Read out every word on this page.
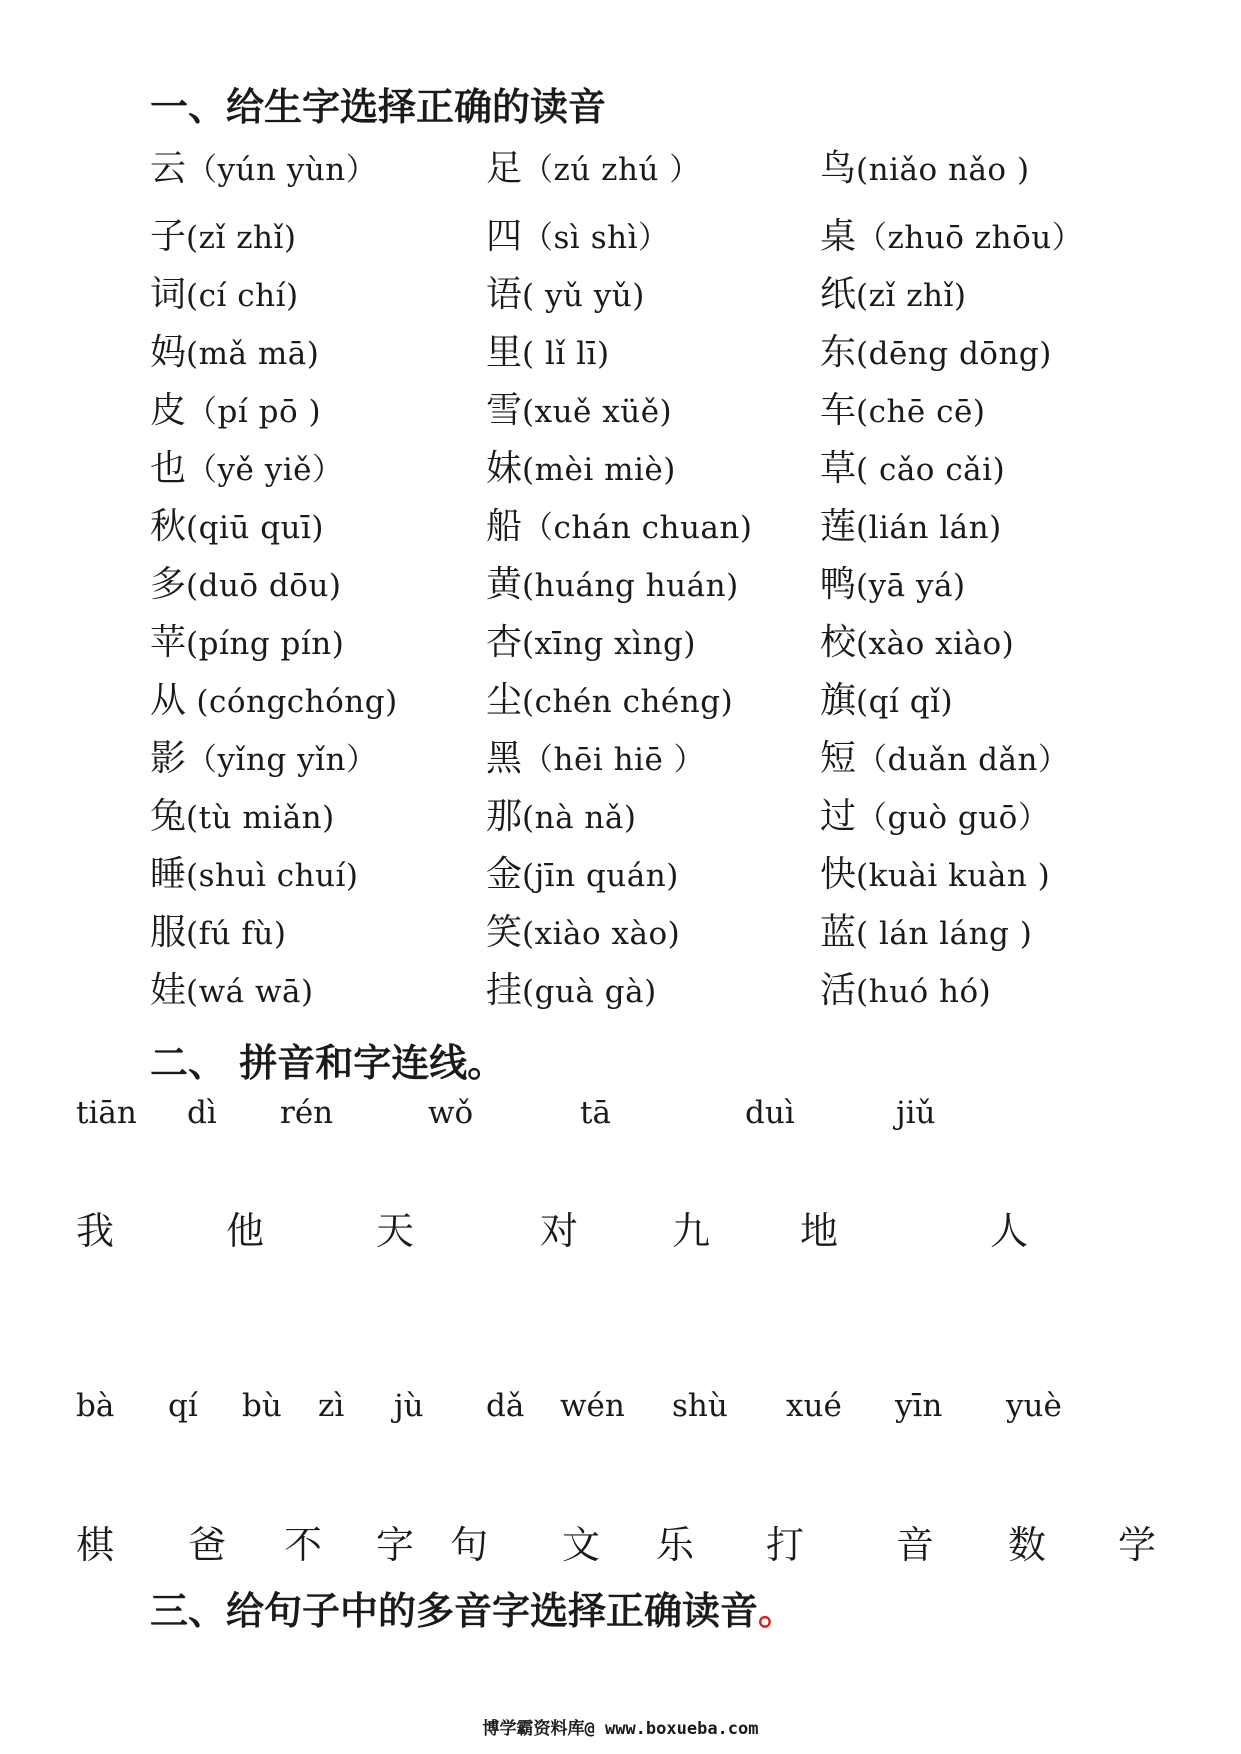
一、给生字选择正确的读音
云（yún yùn）	足（zú zhú ）	鸟(niǎo nǎo )
子(zǐ zhǐ)	四（sì shì）	桌（zhuō zhōu）
词(cí chí)	语( yǔ yǔ)	纸(zǐ zhǐ)
妈(mǎ mā)	里( lǐ lī)	东(dēng dōng)
皮（pí pō )	雪(xuě xüě)	车(chē cē)
也（yě yiě）	妹(mèi miè)	草( cǎo cǎi)
秋(qiū quī)	船（chán chuan) 莲(lián lán)
多(duō dōu)	黄(huáng huán) 鸭(yā yá)
苹(píng pín)	杏(xīng xìng)	校(xào xiào)
从 (cóngchóng) 尘(chén chéng) 旗(qí qǐ)
影（yǐng yǐn）	黑（hēi hiē ）	短（duǎn dǎn）
兔(tù miǎn)	那(nà nǎ)	过（guò guō）
睡(shuì chuí)	金(jīn quán)	快(kuài kuàn )
服(fú fù)	笑(xiào xào)	蓝( lán láng )
娃(wá wā)	挂(guà gà)	活(huó hó)
二、 拼音和字连线。
tiān dì rén	wǒ	tā	duì	jiǔ
我	他	天	对 九 地	人
bà qí bù zì jù dǎ wén shù xué yīn yuè
棋 爸 不 字 句 文 乐 打 音 数 学
三、给句子中的多音字选择正确读音。
博学霸资料库@ www.boxueba.com
